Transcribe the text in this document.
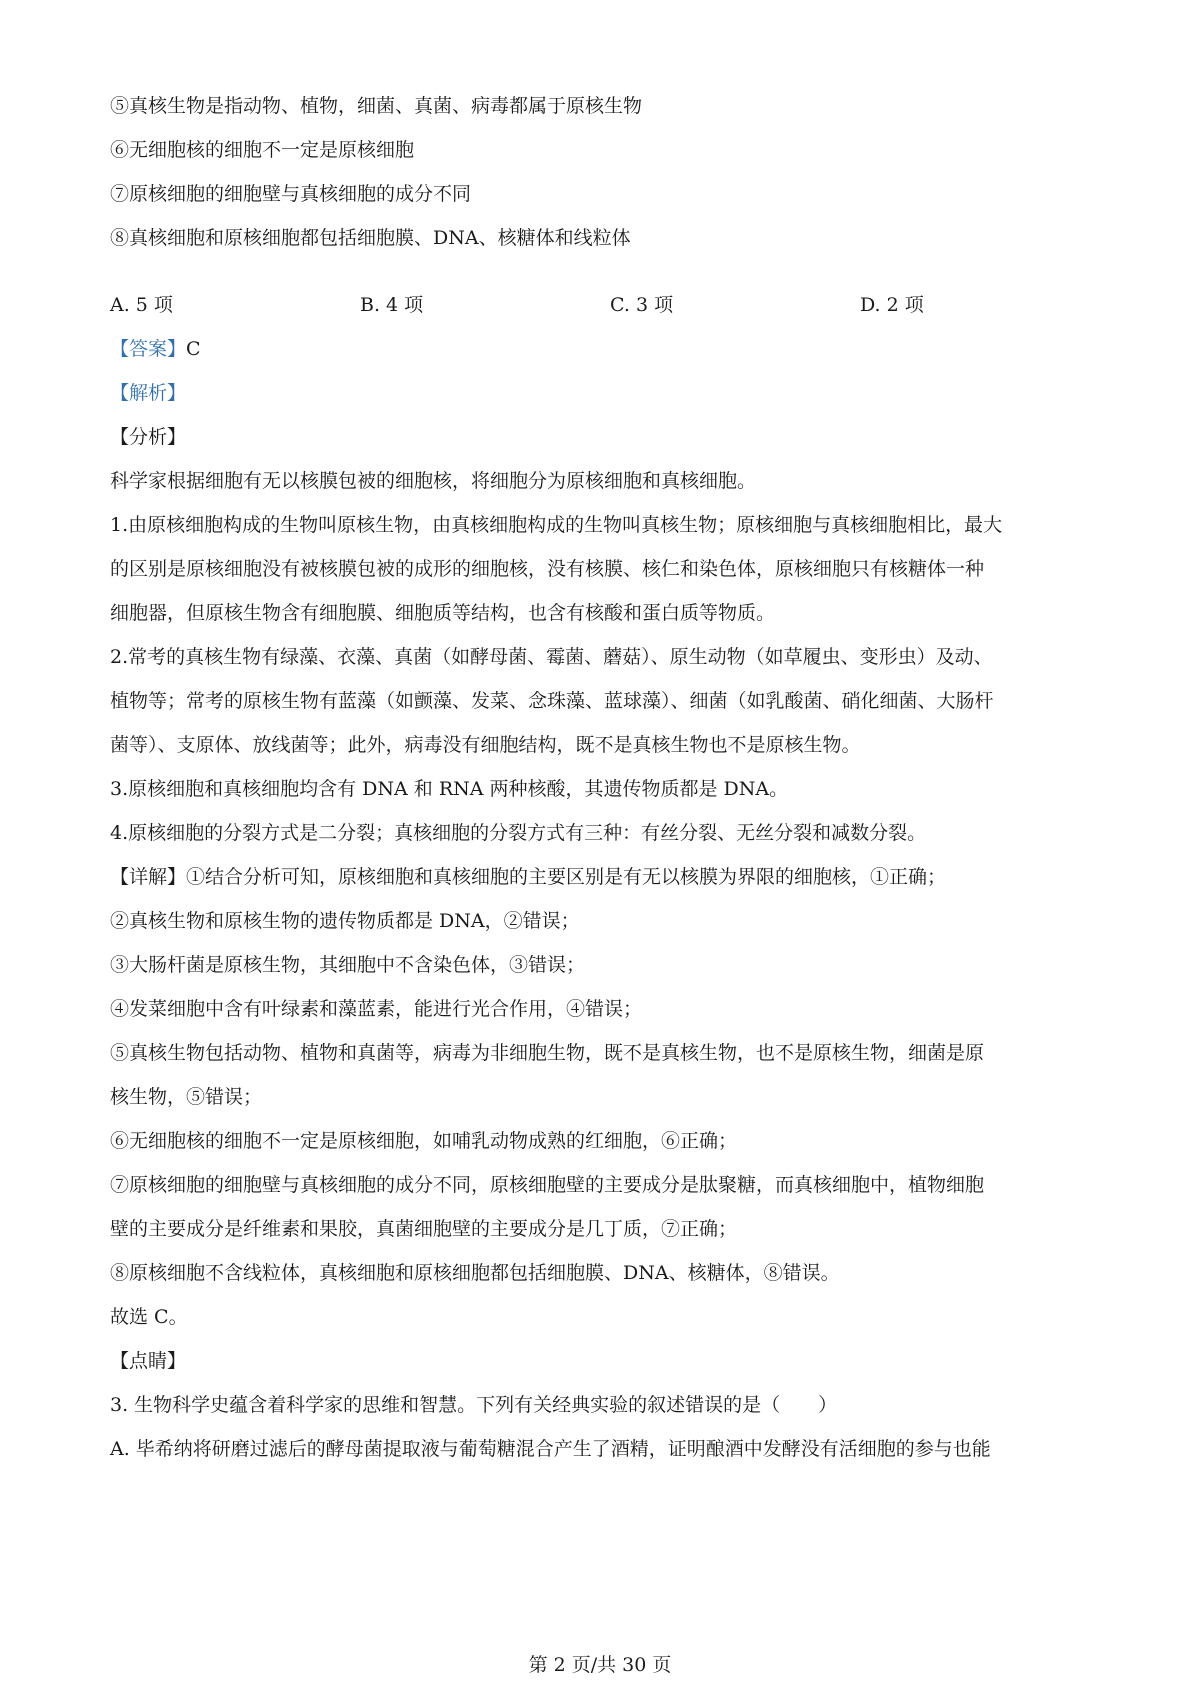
⑤真核生物是指动物、植物，细菌、真菌、病毒都属于原核生物
⑥无细胞核的细胞不一定是原核细胞
⑦原核细胞的细胞壁与真核细胞的成分不同
⑧真核细胞和原核细胞都包括细胞膜、DNA、核糖体和线粒体
A. 5 项	B. 4 项	C. 3 项	D. 2 项
【答案】C
【解析】
【分析】
科学家根据细胞有无以核膜包被的细胞核，将细胞分为原核细胞和真核细胞。
1.由原核细胞构成的生物叫原核生物，由真核细胞构成的生物叫真核生物；原核细胞与真核细胞相比，最大
的区别是原核细胞没有被核膜包被的成形的细胞核，没有核膜、核仁和染色体，原核细胞只有核糖体一种
细胞器，但原核生物含有细胞膜、细胞质等结构，也含有核酸和蛋白质等物质。
2.常考的真核生物有绿藻、衣藻、真菌（如酵母菌、霉菌、蘑菇）、原生动物（如草履虫、变形虫）及动、
植物等；常考的原核生物有蓝藻（如颤藻、发菜、念珠藻、蓝球藻）、细菌（如乳酸菌、硝化细菌、大肠杆
菌等）、支原体、放线菌等；此外，病毒没有细胞结构，既不是真核生物也不是原核生物。
3.原核细胞和真核细胞均含有 DNA 和 RNA 两种核酸，其遗传物质都是 DNA。
4.原核细胞的分裂方式是二分裂；真核细胞的分裂方式有三种：有丝分裂、无丝分裂和减数分裂。
【详解】①结合分析可知，原核细胞和真核细胞的主要区别是有无以核膜为界限的细胞核，①正确；
②真核生物和原核生物的遗传物质都是 DNA，②错误；
③大肠杆菌是原核生物，其细胞中不含染色体，③错误；
④发菜细胞中含有叶绿素和藻蓝素，能进行光合作用，④错误；
⑤真核生物包括动物、植物和真菌等，病毒为非细胞生物，既不是真核生物，也不是原核生物，细菌是原
核生物，⑤错误；
⑥无细胞核的细胞不一定是原核细胞，如哺乳动物成熟的红细胞，⑥正确；
⑦原核细胞的细胞壁与真核细胞的成分不同，原核细胞壁的主要成分是肽聚糖，而真核细胞中，植物细胞
壁的主要成分是纤维素和果胶，真菌细胞壁的主要成分是几丁质，⑦正确；
⑧原核细胞不含线粒体，真核细胞和原核细胞都包括细胞膜、DNA、核糖体，⑧错误。
故选 C。
【点睛】
3. 生物科学史蕴含着科学家的思维和智慧。下列有关经典实验的叙述错误的是（　　）
A. 毕希纳将研磨过滤后的酵母菌提取液与葡萄糖混合产生了酒精，证明酿酒中发酵没有活细胞的参与也能
第 2 页/共 30 页
